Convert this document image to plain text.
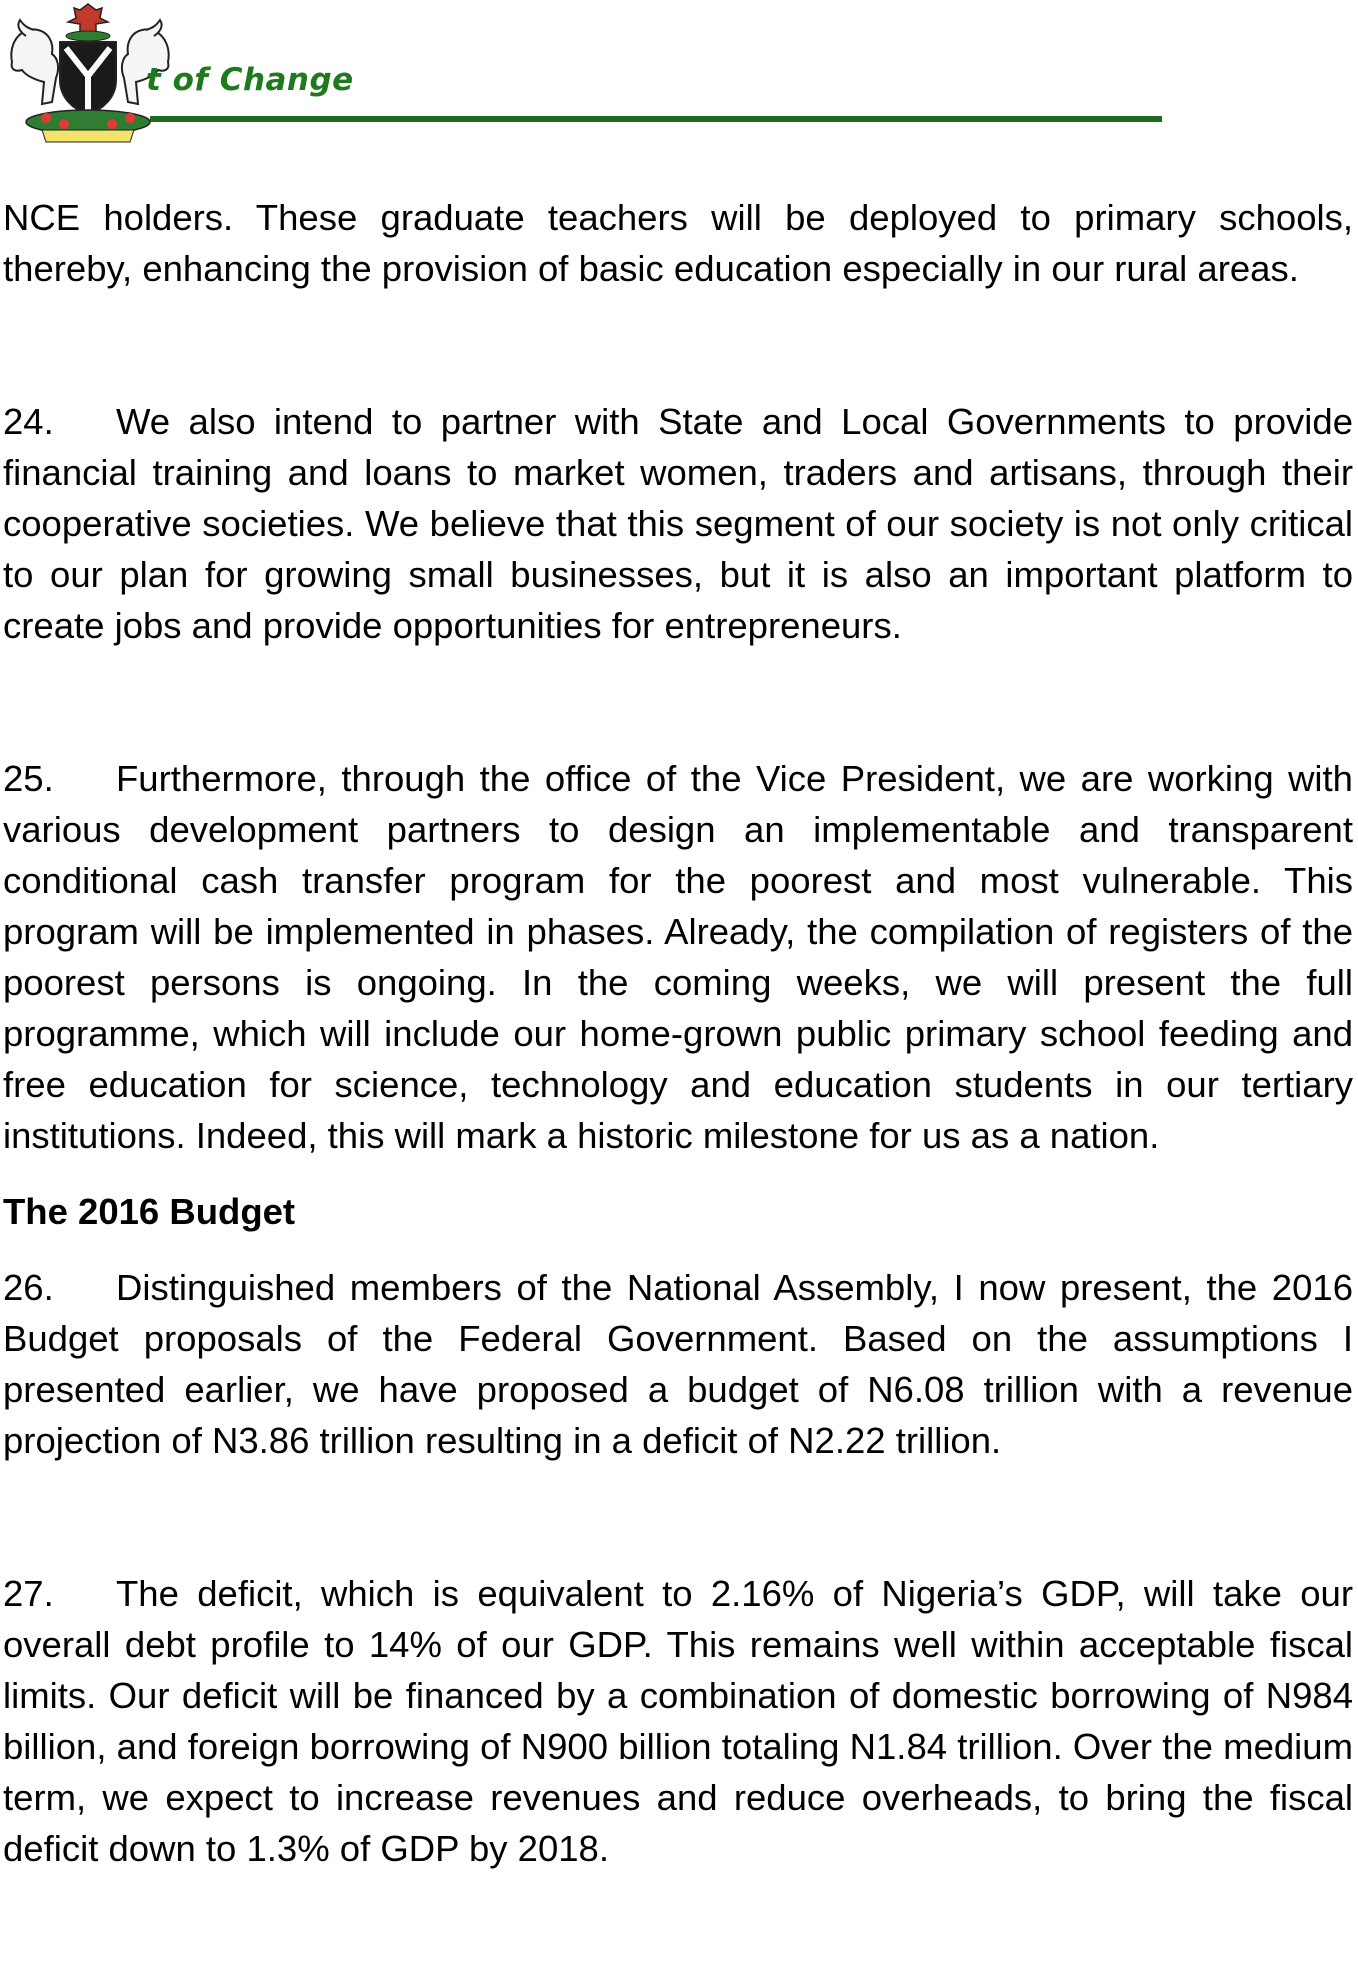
t of Change

NCE holders. These graduate teachers will be deployed to primary schools, thereby, enhancing the provision of basic education especially in our rural areas.

24. We also intend to partner with State and Local Governments to provide financial training and loans to market women, traders and artisans, through their cooperative societies. We believe that this segment of our society is not only critical to our plan for growing small businesses, but it is also an important platform to create jobs and provide opportunities for entrepreneurs.

25. Furthermore, through the office of the Vice President, we are working with various development partners to design an implementable and transparent conditional cash transfer program for the poorest and most vulnerable. This program will be implemented in phases. Already, the compilation of registers of the poorest persons is ongoing. In the coming weeks, we will present the full programme, which will include our home-grown public primary school feeding and free education for science, technology and education students in our tertiary institutions. Indeed, this will mark a historic milestone for us as a nation.

The 2016 Budget

26. Distinguished members of the National Assembly, I now present, the 2016 Budget proposals of the Federal Government. Based on the assumptions I presented earlier, we have proposed a budget of N6.08 trillion with a revenue projection of N3.86 trillion resulting in a deficit of N2.22 trillion.

27. The deficit, which is equivalent to 2.16% of Nigeria’s GDP, will take our overall debt profile to 14% of our GDP. This remains well within acceptable fiscal limits. Our deficit will be financed by a combination of domestic borrowing of N984 billion, and foreign borrowing of N900 billion totaling N1.84 trillion. Over the medium term, we expect to increase revenues and reduce overheads, to bring the fiscal deficit down to 1.3% of GDP by 2018.
